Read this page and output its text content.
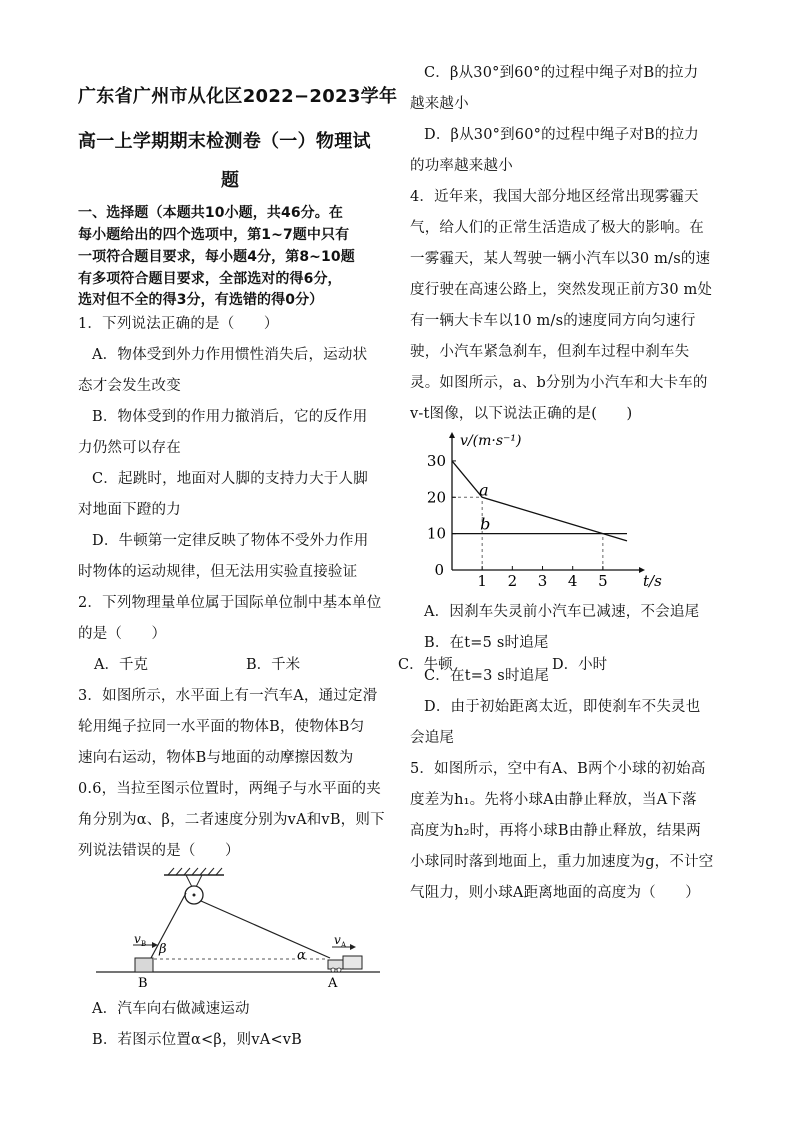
广东省广州市从化区2022−2023学年
高一上学期期末检测卷（一）物理试
题
一、选择题（本题共10小题，共46分。在
每小题给出的四个选项中，第1~7题中只有
一项符合题目要求，每小题4分，第8~10题
有多项符合题目要求，全部选对的得6分，
选对但不全的得3分，有选错的得0分）
1．下列说法正确的是（　　）
A．物体受到外力作用惯性消失后，运动状
态才会发生改变
B．物体受到的作用力撤消后，它的反作用
力仍然可以存在
C．起跳时，地面对人脚的支持力大于人脚
对地面下蹬的力
D．牛顿第一定律反映了物体不受外力作用
时物体的运动规律，但无法用实验直接验证
2．下列物理量单位属于国际单位制中基本单位
的是（　　）
A．千克	B．千米
3．如图所示，水平面上有一汽车A，通过定滑
轮用绳子拉同一水平面的物体B，使物体B匀
速向右运动，物体B与地面的动摩擦因数为
0.6，当拉至图示位置时，两绳子与水平面的夹
角分别为α、β，二者速度分别为vA和vB，则下
列说法错误的是（　　）
v B	v A
β	α
B	A
A．汽车向右做减速运动
B．若图示位置α<β，则vA<vB
C．牛顿	D．小时
C．β从30°到60°的过程中绳子对B的拉力
越来越小
D．β从30°到60°的过程中绳子对B的拉力
的功率越来越小
4．近年来，我国大部分地区经常出现雾霾天
气，给人们的正常生活造成了极大的影响。在
一雾霾天，某人驾驶一辆小汽车以30 m/s的速
度行驶在高速公路上，突然发现正前方30 m处
有一辆大卡车以10 m/s的速度同方向匀速行
驶，小汽车紧急刹车，但刹车过程中刹车失
灵。如图所示，a、b分别为小汽车和大卡车的
v-t图像，以下说法正确的是(　　)
1 2 3 4 5
10
20
30
0
v/(m·s⁻¹)
t/s
a
b
A．因刹车失灵前小汽车已减速，不会追尾
B．在t=5 s时追尾
C．在t=3 s时追尾
D．由于初始距离太近，即使刹车不失灵也
会追尾
5．如图所示，空中有A、B两个小球的初始高
度差为h₁。先将小球A由静止释放，当A下落
高度为h₂时，再将小球B由静止释放，结果两
小球同时落到地面上，重力加速度为g，不计空
气阻力，则小球A距离地面的高度为（　　）
